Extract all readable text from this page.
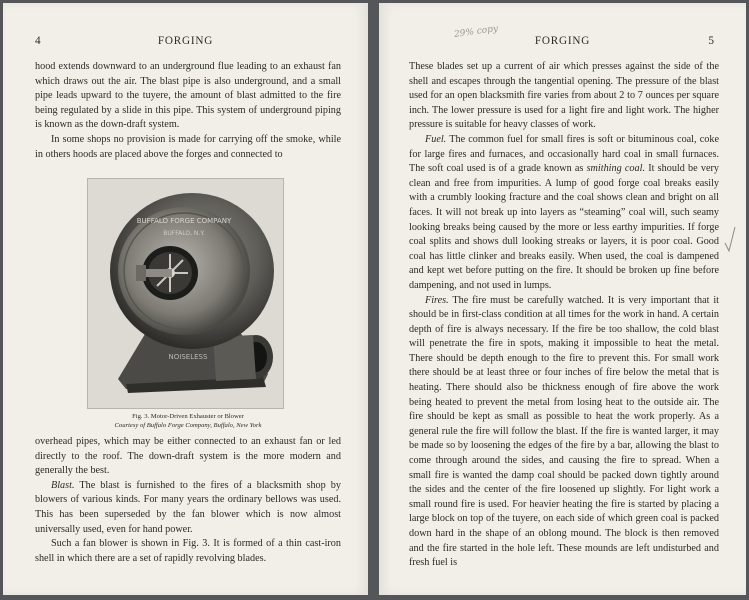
4	FORGING

hood extends downward to an underground flue leading to an exhaust fan which draws out the air. The blast pipe is also underground, and a small pipe leads upward to the tuyere, the amount of blast admitted to the fire being regulated by a slide in this pipe. This system of underground piping is known as the down-draft system.

In some shops no provision is made for carrying off the smoke, while in others hoods are placed above the forges and connected to

BUFFALO FORGE COMPANY
BUFFALO, N.Y.
NOISELESS
Fig. 3. Motor-Driven Exhauster or Blower
Courtesy of Buffalo Forge Company, Buffalo, New York

overhead pipes, which may be either connected to an exhaust fan or led directly to the roof. The down-draft system is the more modern and generally the best.

Blast. The blast is furnished to the fires of a blacksmith shop by blowers of various kinds. For many years the ordinary bellows was used. This has been superseded by the fan blower which is now almost universally used, even for hand power.

Such a fan blower is shown in Fig. 3. It is formed of a thin cast-iron shell in which there are a set of rapidly revolving blades.

29% copy
FORGING	5

These blades set up a current of air which presses against the side of the shell and escapes through the tangential opening. The pressure of the blast used for an open blacksmith fire varies from about 2 to 7 ounces per square inch. The lower pressure is used for a light fire and light work. The higher pressure is suitable for heavy classes of work.

Fuel. The common fuel for small fires is soft or bituminous coal, coke for large fires and furnaces, and occasionally hard coal in small furnaces. The soft coal used is of a grade known as smithing coal. It should be very clean and free from impurities. A lump of good forge coal breaks easily with a crumbly looking fracture and the coal shows clean and bright on all faces. It will not break up into layers as “steaming” coal will, such seamy looking breaks being caused by the more or less earthy impurities. If forge coal splits and shows dull looking streaks or layers, it is poor coal. Good coal has little clinker and breaks easily. When used, the coal is dampened and kept wet before putting on the fire. It should be broken up fine before dampening, and not used in lumps.

Fires. The fire must be carefully watched. It is very important that it should be in first-class condition at all times for the work in hand. A certain depth of fire is always necessary. If the fire be too shallow, the cold blast will penetrate the fire in spots, making it impossible to heat the metal. There should be depth enough to the fire to prevent this. For small work there should be at least three or four inches of fire below the metal that is heating. There should also be thickness enough of fire above the work being heated to prevent the metal from losing heat to the outside air. The fire should be kept as small as possible to heat the work properly. As a general rule the fire will follow the blast. If the fire is wanted larger, it may be made so by loosening the edges of the fire by a bar, allowing the blast to come through around the sides, and causing the fire to spread. When a small fire is wanted the damp coal should be packed down tightly around the sides and the center of the fire loosened up slightly. For light work a small round fire is used. For heavier heating the fire is started by placing a large block on top of the tuyere, on each side of which green coal is packed down hard in the shape of an oblong mound. The block is then removed and the fire started in the hole left. These mounds are left undisturbed and fresh fuel is
